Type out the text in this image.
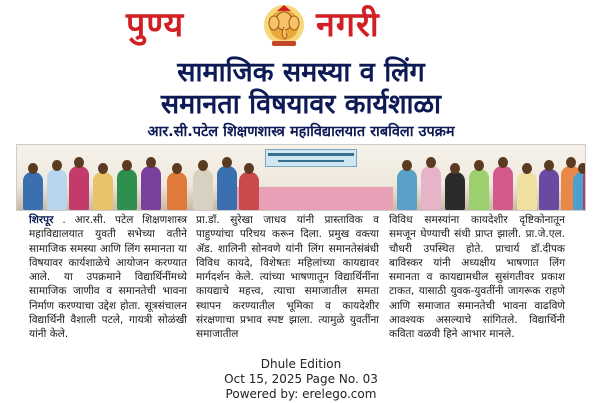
पुण्य	नगरी
सामाजिक समस्या व लिंग
समानता विषयावर कार्यशाळा
आर.सी.पटेल शिक्षणशास्त्र महाविद्यालयात राबविला उपक्रम
शिरपूर . आर.सी. पटेल शिक्षणशास्त्र महाविद्यालयात युवती सभेच्या वतीने सामाजिक समस्या आणि लिंग समानता या विषयावर कार्यशाळेचे आयोजन करण्यात आले. या उपक्रमाने विद्यार्थिनींमध्ये सामाजिक जाणीव व समानतेची भावना निर्माण करण्याचा उद्देश होता. सूत्रसंचालन विद्यार्थिनी वैशाली पटले, गायत्री सोळंखी यांनी केले.
प्रा.डॉ. सुरेखा जाधव यांनी प्रास्ताविक व पाहुण्यांचा परिचय करून दिला. प्रमुख वक्त्या ॲड. शालिनी सोनवणे यांनी लिंग समानतेसंबंधी विविध कायदे, विशेषतः महिलांच्या कायद्यावर मार्गदर्शन केले. त्यांच्या भाषणातून विद्यार्थिनींना कायद्याचे महत्त्व, त्याचा समाजातील समता स्थापन करण्यातील भूमिका व कायदेशीर संरक्षणाचा प्रभाव स्पष्ट झाला. त्यामुळे युवतींना समाजातील
विविध समस्यांना कायदेशीर दृष्टिकोनातून समजून घेण्याची संधी प्राप्त झाली. प्रा.जे.एल. चौधरी उपस्थित होते. प्राचार्य डॉ.दीपक बाविस्कर यांनी अध्यक्षीय भाषणात लिंग समानता व कायद्यामधील सुसंगतीवर प्रकाश टाकत, यासाठी युवक-युवतींनी जागरूक राहणे आणि समाजात समानतेची भावना वाढविणे आवश्यक असल्याचे सांगितले. विद्यार्थिनी कविता वळवी हिने आभार मानले.
Dhule Edition
Oct 15, 2025 Page No. 03
Powered by: erelego.com
